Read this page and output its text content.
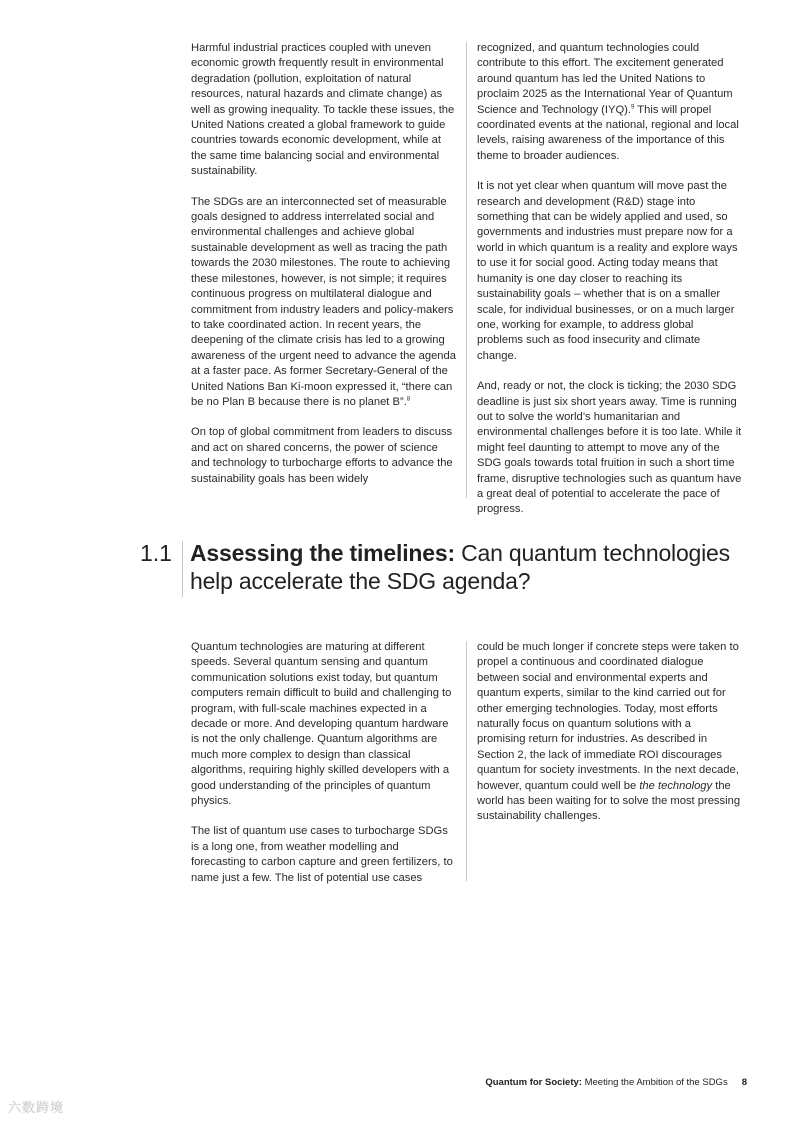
Harmful industrial practices coupled with uneven economic growth frequently result in environmental degradation (pollution, exploitation of natural resources, natural hazards and climate change) as well as growing inequality. To tackle these issues, the United Nations created a global framework to guide countries towards economic development, while at the same time balancing social and environmental sustainability.

The SDGs are an interconnected set of measurable goals designed to address interrelated social and environmental challenges and achieve global sustainable development as well as tracing the path towards the 2030 milestones. The route to achieving these milestones, however, is not simple; it requires continuous progress on multilateral dialogue and commitment from industry leaders and policy-makers to take coordinated action. In recent years, the deepening of the climate crisis has led to a growing awareness of the urgent need to advance the agenda at a faster pace. As former Secretary-General of the United Nations Ban Ki-moon expressed it, “there can be no Plan B because there is no planet B”.$^8$

On top of global commitment from leaders to discuss and act on shared concerns, the power of science and technology to turbocharge efforts to advance the sustainability goals has been widely

recognized, and quantum technologies could contribute to this effort. The excitement generated around quantum has led the United Nations to proclaim 2025 as the International Year of Quantum Science and Technology (IYQ).$^9$ This will propel coordinated events at the national, regional and local levels, raising awareness of the importance of this theme to broader audiences.

It is not yet clear when quantum will move past the research and development (R&D) stage into something that can be widely applied and used, so governments and industries must prepare now for a world in which quantum is a reality and explore ways to use it for social good. Acting today means that humanity is one day closer to reaching its sustainability goals – whether that is on a smaller scale, for individual businesses, or on a much larger one, working for example, to address global problems such as food insecurity and climate change.

And, ready or not, the clock is ticking; the 2030 SDG deadline is just six short years away. Time is running out to solve the world’s humanitarian and environmental challenges before it is too late. While it might feel daunting to attempt to move any of the SDG goals towards total fruition in such a short time frame, disruptive technologies such as quantum have a great deal of potential to accelerate the pace of progress.

1.1 Assessing the timelines: Can quantum technologies help accelerate the SDG agenda?

Quantum technologies are maturing at different speeds. Several quantum sensing and quantum communication solutions exist today, but quantum computers remain difficult to build and challenging to program, with full-scale machines expected in a decade or more. And developing quantum hardware is not the only challenge. Quantum algorithms are much more complex to design than classical algorithms, requiring highly skilled developers with a good understanding of the principles of quantum physics.

The list of quantum use cases to turbocharge SDGs is a long one, from weather modelling and forecasting to carbon capture and green fertilizers, to name just a few. The list of potential use cases

could be much longer if concrete steps were taken to propel a continuous and coordinated dialogue between social and environmental experts and quantum experts, similar to the kind carried out for other emerging technologies. Today, most efforts naturally focus on quantum solutions with a promising return for industries. As described in Section 2, the lack of immediate ROI discourages quantum for society investments. In the next decade, however, quantum could well be the technology the world has been waiting for to solve the most pressing sustainability challenges.

Quantum for Society: Meeting the Ambition of the SDGs 8
六数跨境
